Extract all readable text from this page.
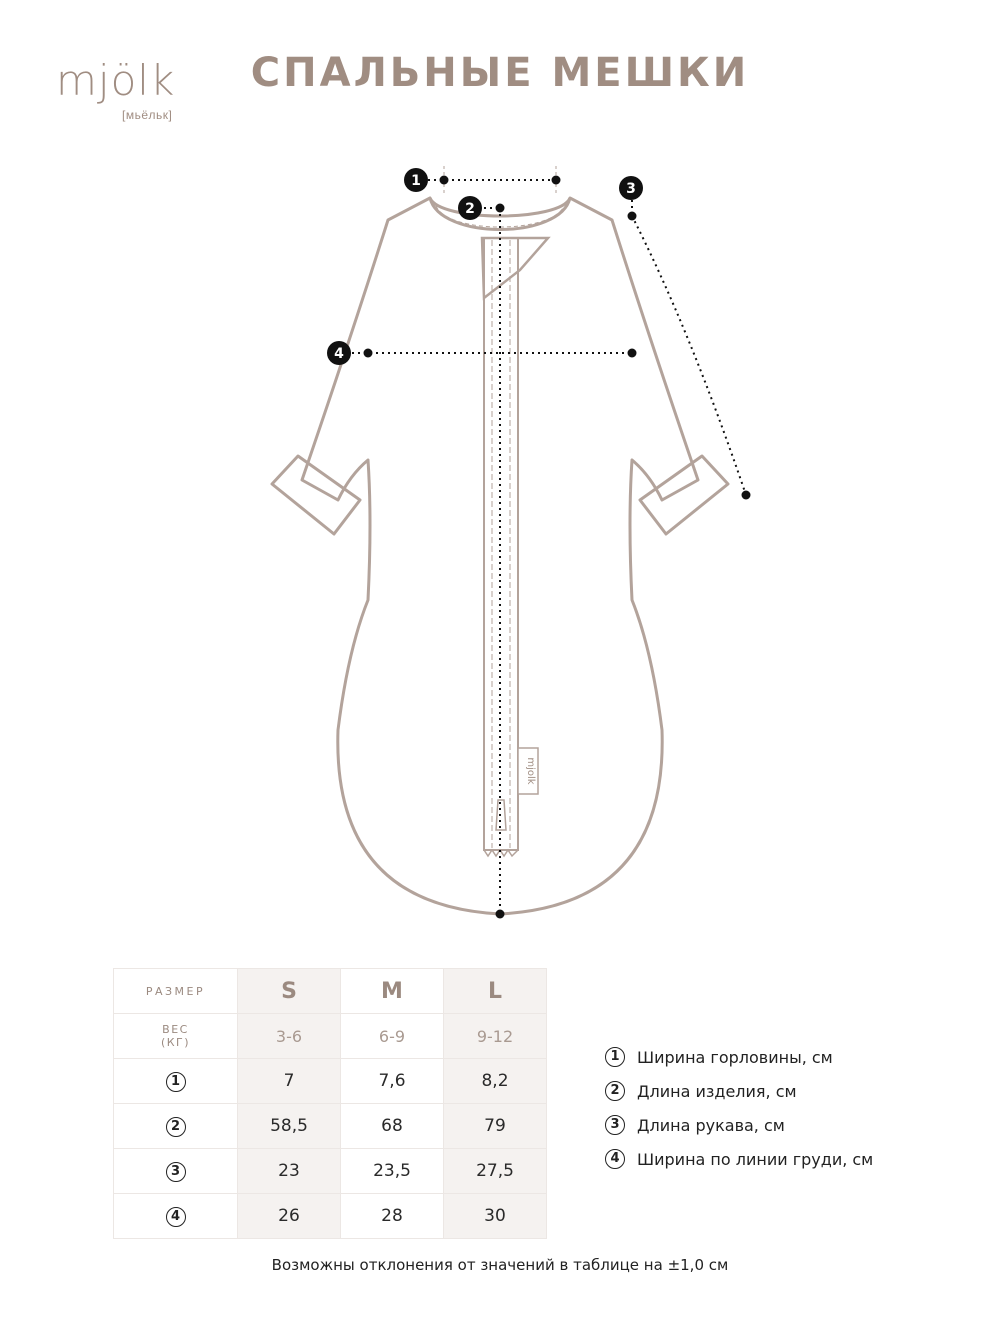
mjölk
[мьёльк]
СПАЛЬНЫЕ МЕШКИ
mjolk
1
2
3
4
РАЗМЕР	S	M	L
ВЕС
(КГ)	3-6	6-9	9-12
1	7	7,6	8,2
2	58,5	68	79
3	23	23,5	27,5
4	26	28	30
1	Ширина горловины, см
2	Длина изделия, см
3	Длина рукава, см
4	Ширина по линии груди, см
Возможны отклонения от значений в таблице на ±1,0 см
